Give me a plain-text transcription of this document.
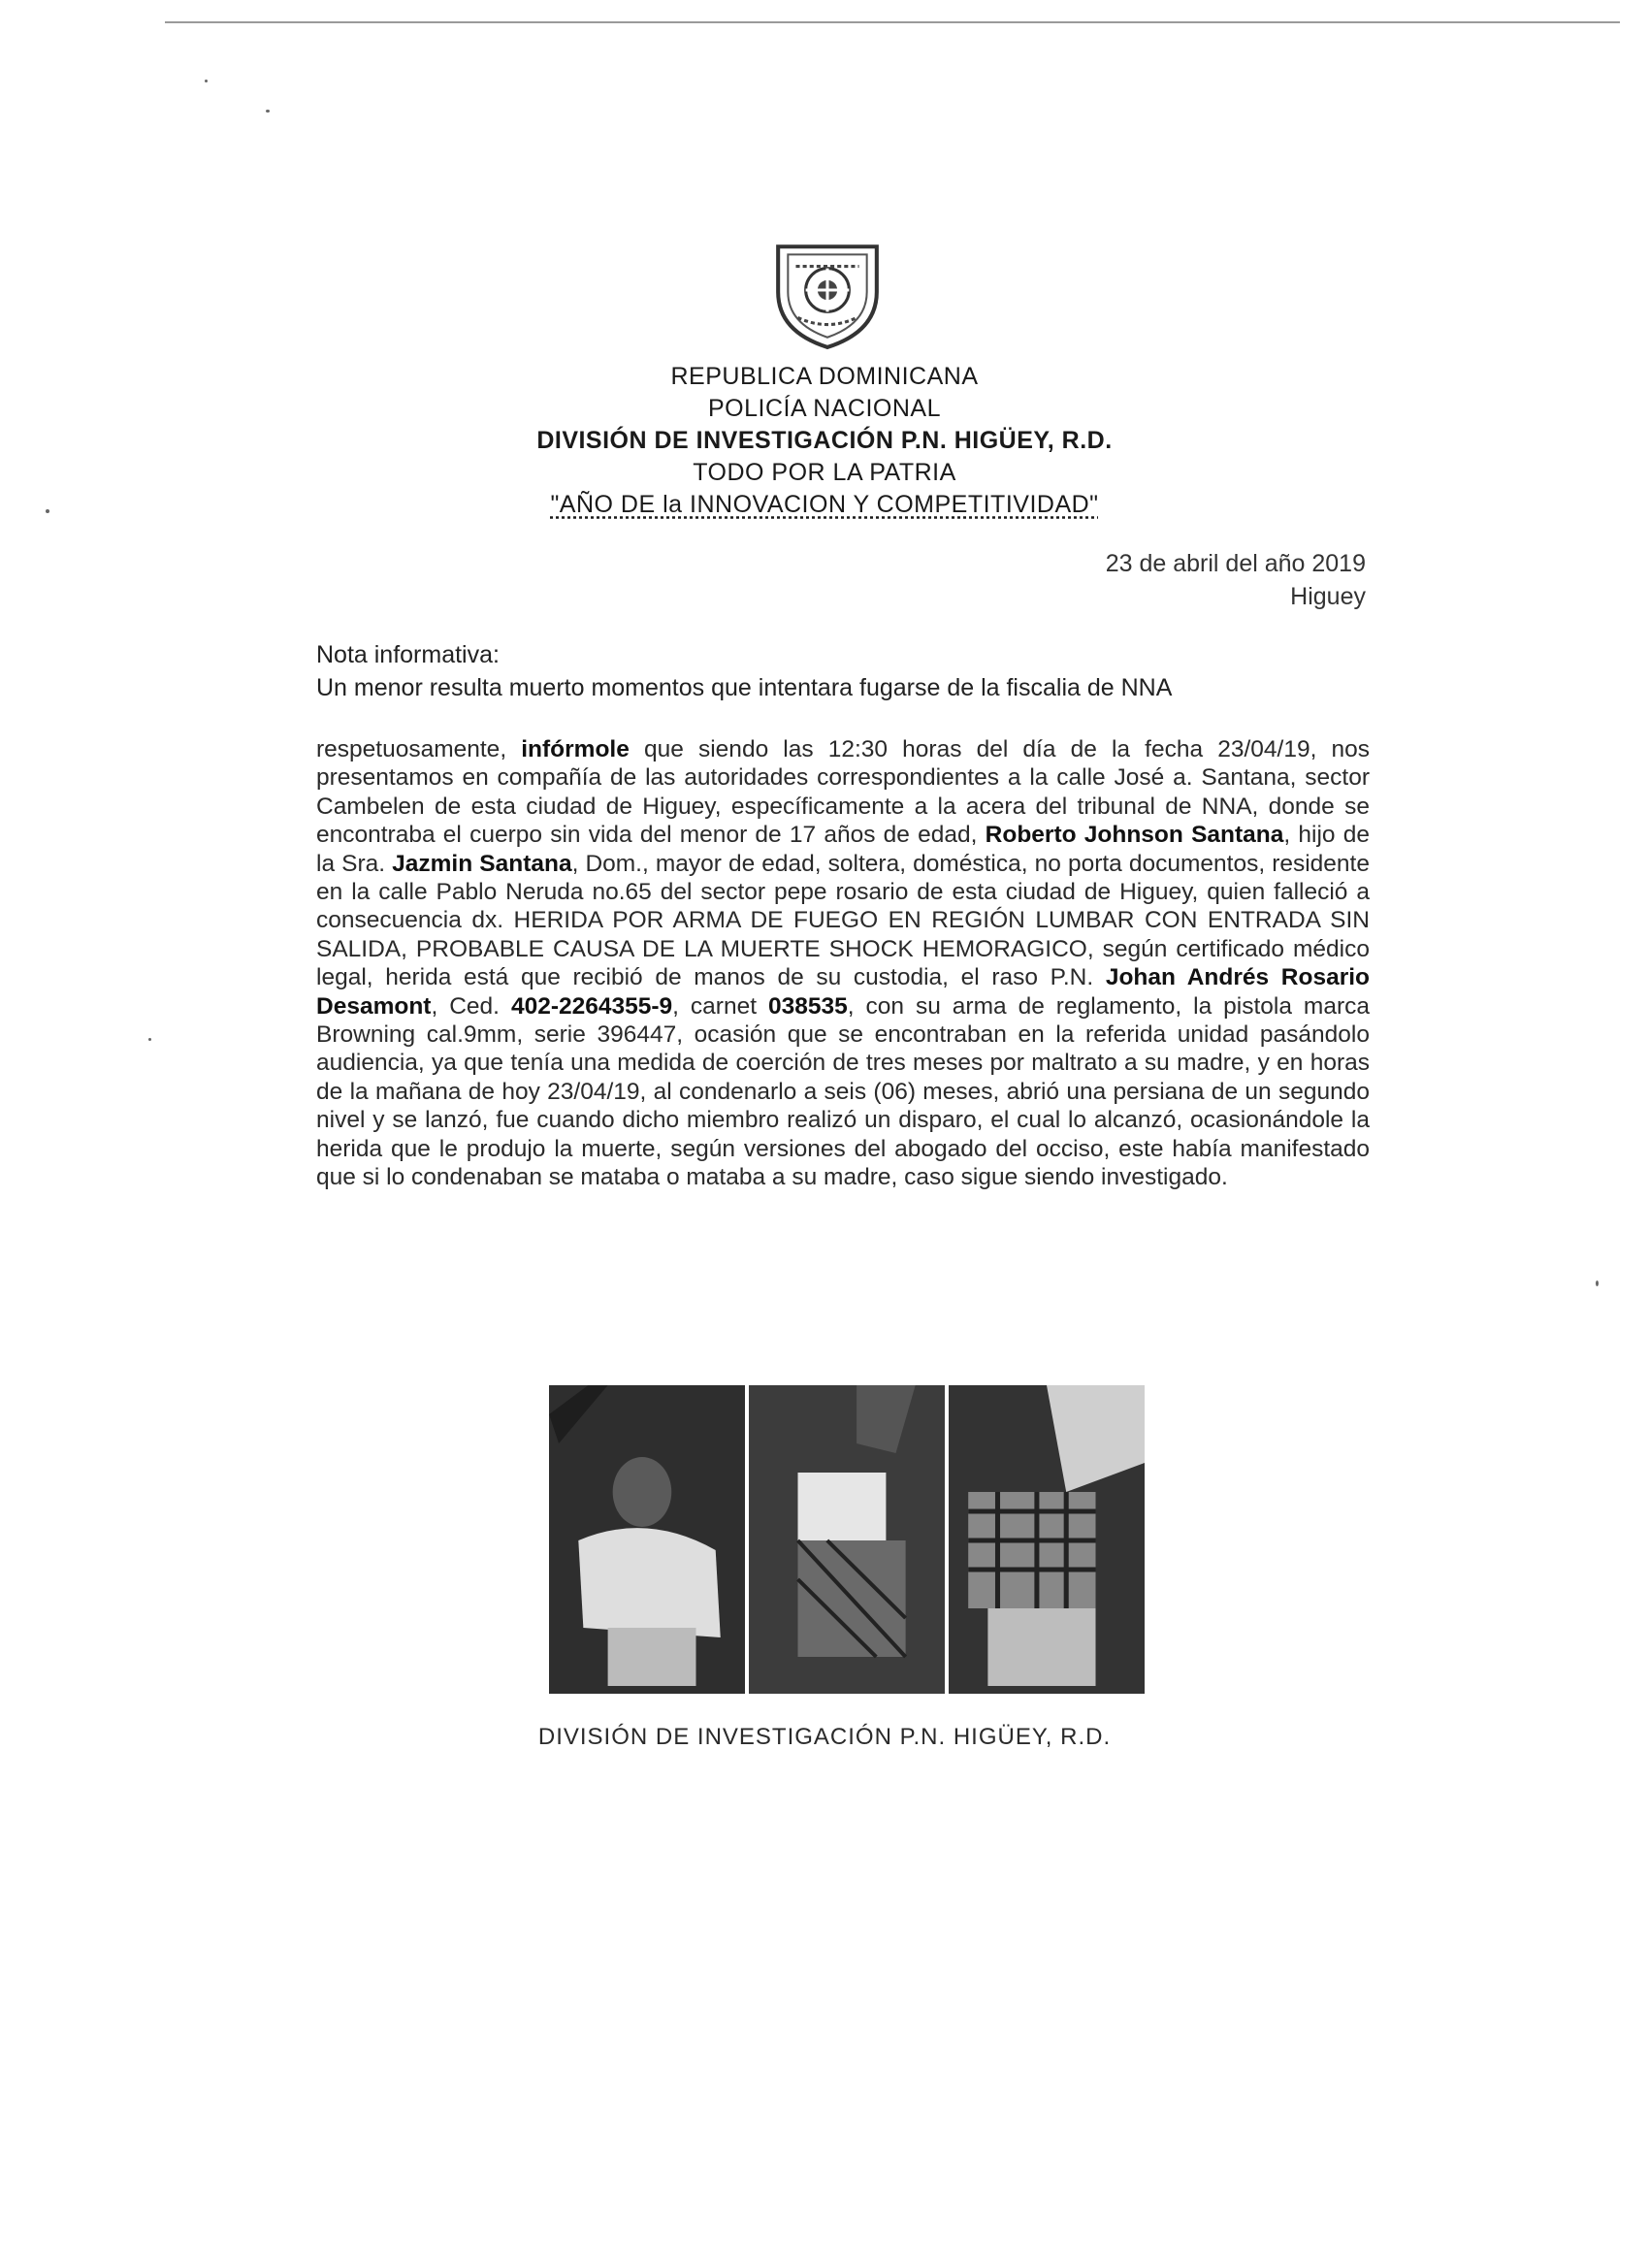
REPUBLICA DOMINICANA
POLICÍA NACIONAL
DIVISIÓN DE INVESTIGACIÓN P.N. HIGÜEY, R.D.
TODO POR LA PATRIA
"AÑO DE la INNOVACION Y COMPETITIVIDAD"
23 de abril del año 2019
Higuey
Nota informativa:
Un menor resulta muerto momentos que intentara fugarse de la fiscalia de NNA

respetuosamente, infórmole que siendo las 12:30 horas del día de la fecha 23/04/19, nos presentamos en compañía de las autoridades correspondientes a la calle José a. Santana, sector Cambelen de esta ciudad de Higuey, específicamente a la acera del tribunal de NNA, donde se encontraba el cuerpo sin vida del menor de 17 años de edad, Roberto Johnson Santana, hijo de la Sra. Jazmin Santana, Dom., mayor de edad, soltera, doméstica, no porta documentos, residente en la calle Pablo Neruda no.65 del sector pepe rosario de esta ciudad de Higuey, quien falleció a consecuencia dx. HERIDA POR ARMA DE FUEGO EN REGIÓN LUMBAR CON ENTRADA SIN SALIDA, PROBABLE CAUSA DE LA MUERTE SHOCK HEMORAGICO, según certificado médico legal, herida está que recibió de manos de su custodia, el raso P.N. Johan Andrés Rosario Desamont, Ced. 402-2264355-9, carnet 038535, con su arma de reglamento, la pistola marca Browning cal.9mm, serie 396447, ocasión que se encontraban en la referida unidad pasándolo audiencia, ya que tenía una medida de coerción de tres meses por maltrato a su madre, y en horas de la mañana de hoy 23/04/19, al condenarlo a seis (06) meses, abrió una persiana de un segundo nivel y se lanzó, fue cuando dicho miembro realizó un disparo, el cual lo alcanzó, ocasionándole la herida que le produjo la muerte, según versiones del abogado del occiso, este había manifestado que si lo condenaban se mataba o mataba a su madre, caso sigue siendo investigado.

DIVISIÓN DE INVESTIGACIÓN P.N. HIGÜEY, R.D.
